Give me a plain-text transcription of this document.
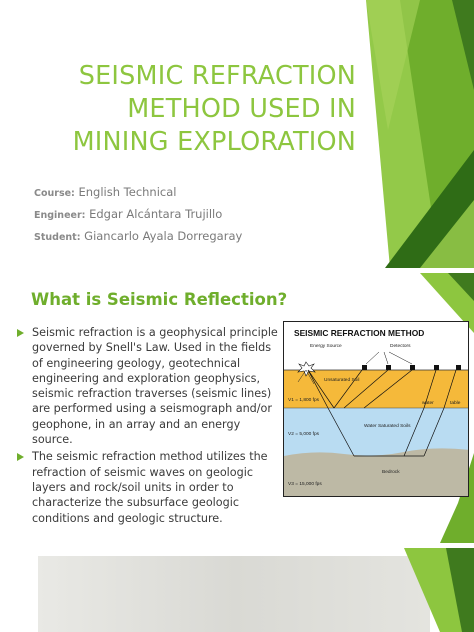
SEISMIC REFRACTION
METHOD USED IN
MINING EXPLORATION
Course: English Technical
Engineer: Edgar Alcántara Trujillo
Student: Giancarlo Ayala Dorregaray
What is Seismic Reflection?
Seismic refraction is a geophysical principle governed by Snell's Law. Used in the fields of engineering geology, geotechnical engineering and exploration geophysics, seismic refraction traverses (seismic lines) are performed using a seismograph and/or geophone, in an array and an energy source.
The seismic refraction method utilizes the refraction of seismic waves on geologic layers and rock/soil units in order to characterize the subsurface geologic conditions and geologic structure.
SEISMIC REFRACTION METHOD
Energy Source	Detectors
Unsaturated Soil
V1 = 1,800 fps
water	table
Water Saturated Soils
V2 = 5,000 fps
Bedrock
V3 = 15,000 fps
